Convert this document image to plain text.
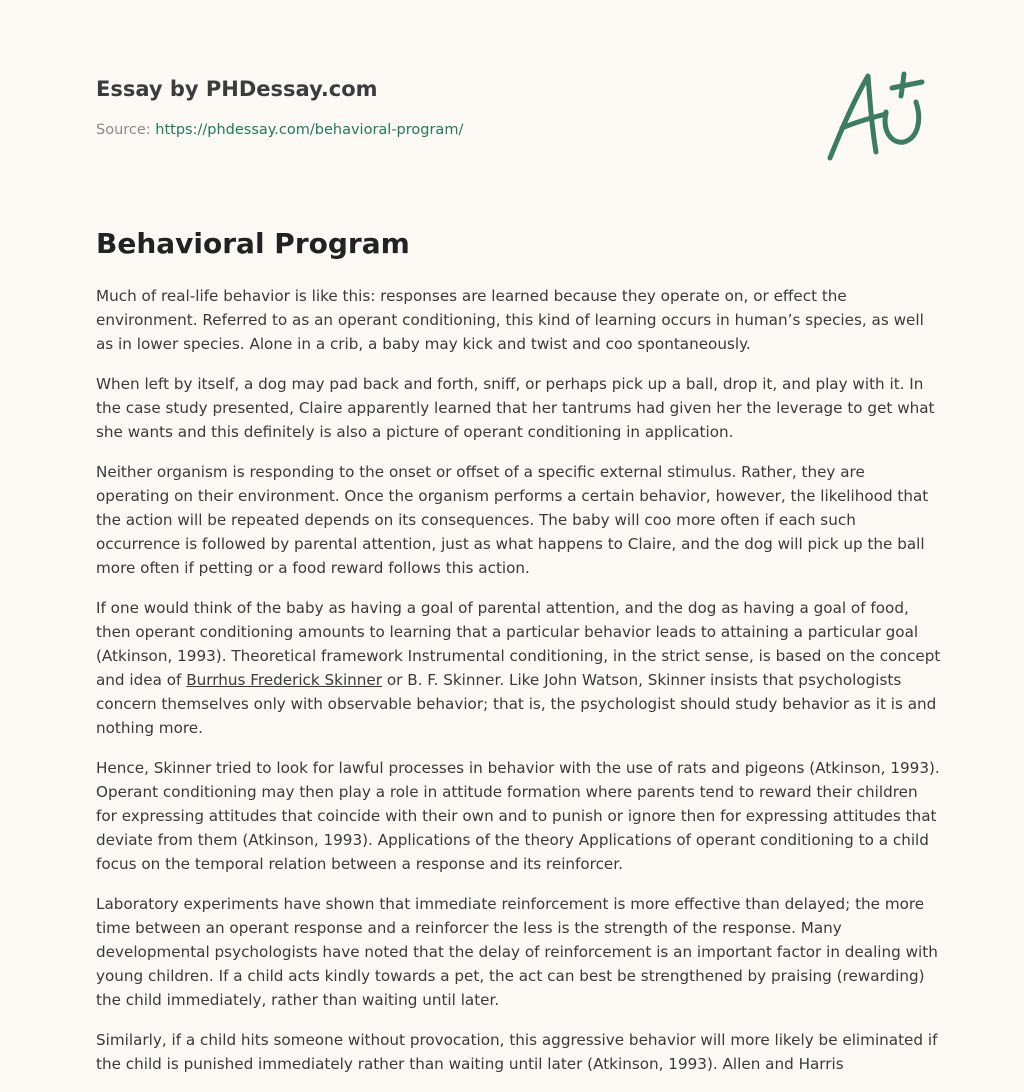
Essay by PHDessay.com
Source: https://phdessay.com/behavioral-program/
Behavioral Program

Much of real-life behavior is like this: responses are learned because they operate on, or effect the environment. Referred to as an operant conditioning, this kind of learning occurs in human’s species, as well as in lower species. Alone in a crib, a baby may kick and twist and coo spontaneously.

When left by itself, a dog may pad back and forth, sniff, or perhaps pick up a ball, drop it, and play with it. In the case study presented, Claire apparently learned that her tantrums had given her the leverage to get what she wants and this definitely is also a picture of operant conditioning in application.

Neither organism is responding to the onset or offset of a specific external stimulus. Rather, they are operating on their environment. Once the organism performs a certain behavior, however, the likelihood that the action will be repeated depends on its consequences. The baby will coo more often if each such occurrence is followed by parental attention, just as what happens to Claire, and the dog will pick up the ball more often if petting or a food reward follows this action.

If one would think of the baby as having a goal of parental attention, and the dog as having a goal of food, then operant conditioning amounts to learning that a particular behavior leads to attaining a particular goal (Atkinson, 1993). Theoretical framework Instrumental conditioning, in the strict sense, is based on the concept and idea of Burrhus Frederick Skinner or B. F. Skinner. Like John Watson, Skinner insists that psychologists concern themselves only with observable behavior; that is, the psychologist should study behavior as it is and nothing more.

Hence, Skinner tried to look for lawful processes in behavior with the use of rats and pigeons (Atkinson, 1993). Operant conditioning may then play a role in attitude formation where parents tend to reward their children for expressing attitudes that coincide with their own and to punish or ignore then for expressing attitudes that deviate from them (Atkinson, 1993). Applications of the theory Applications of operant conditioning to a child focus on the temporal relation between a response and its reinforcer.

Laboratory experiments have shown that immediate reinforcement is more effective than delayed; the more time between an operant response and a reinforcer the less is the strength of the response. Many developmental psychologists have noted that the delay of reinforcement is an important factor in dealing with young children. If a child acts kindly towards a pet, the act can best be strengthened by praising (rewarding) the child immediately, rather than waiting until later.

Similarly, if a child hits someone without provocation, this aggressive behavior will more likely be eliminated if the child is punished immediately rather than waiting until later (Atkinson, 1993). Allen and Harris
